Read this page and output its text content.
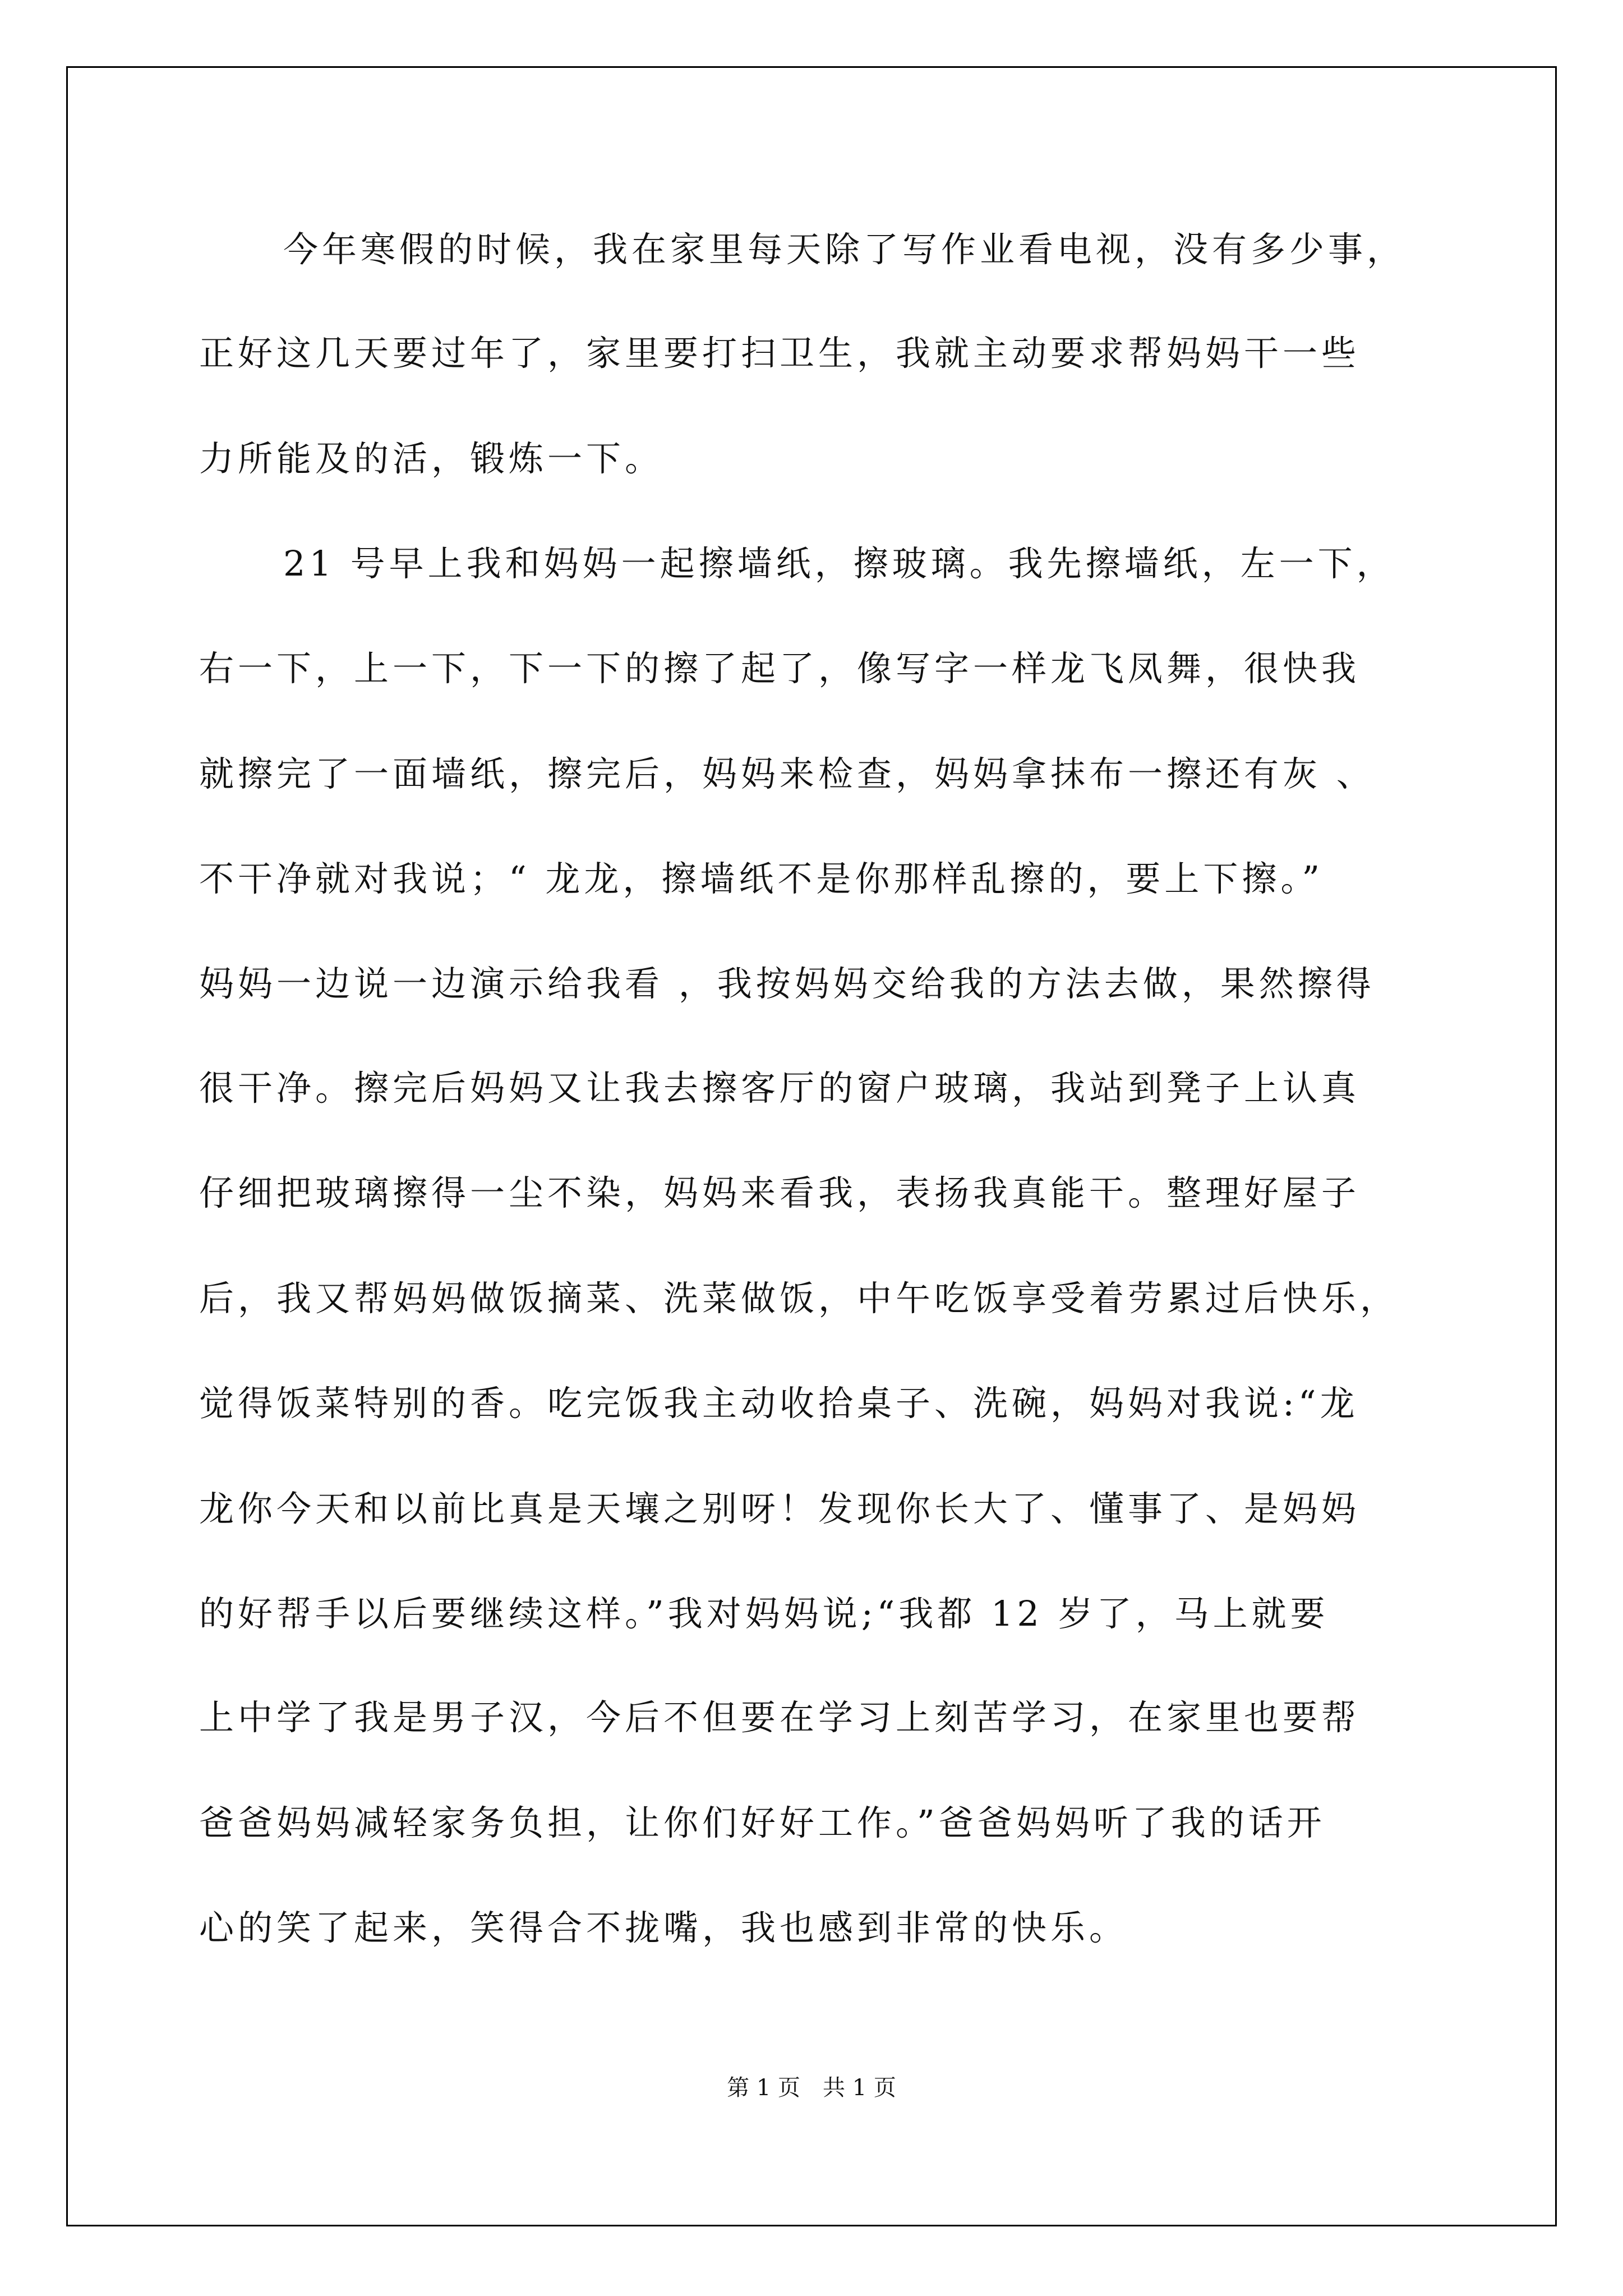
今年寒假的时候，我在家里每天除了写作业看电视，没有多少事，
正好这几天要过年了，家里要打扫卫生，我就主动要求帮妈妈干一些
力所能及的活，锻炼一下。
21 号早上我和妈妈一起擦墙纸，擦玻璃。我先擦墙纸，左一下，
右一下，上一下，下一下的擦了起了，像写字一样龙飞凤舞，很快我
就擦完了一面墙纸，擦完后，妈妈来检查，妈妈拿抹布一擦还有灰 、
不干净就对我说；“ 龙龙，擦墙纸不是你那样乱擦的，要上下擦。”
妈妈一边说一边演示给我看 ，我按妈妈交给我的方法去做，果然擦得
很干净。擦完后妈妈又让我去擦客厅的窗户玻璃，我站到凳子上认真
仔细把玻璃擦得一尘不染，妈妈来看我，表扬我真能干。整理好屋子
后，我又帮妈妈做饭摘菜、洗菜做饭，中午吃饭享受着劳累过后快乐，
觉得饭菜特别的香。吃完饭我主动收拾桌子、洗碗，妈妈对我说:“龙
龙你今天和以前比真是天壤之别呀！发现你长大了、懂事了、是妈妈
的好帮手以后要继续这样。”我对妈妈说;“我都 12 岁了，马上就要
上中学了我是男子汉，今后不但要在学习上刻苦学习，在家里也要帮
爸爸妈妈减轻家务负担，让你们好好工作。”爸爸妈妈听了我的话开
心的笑了起来，笑得合不拢嘴，我也感到非常的快乐。
第 1 页　共 1 页
